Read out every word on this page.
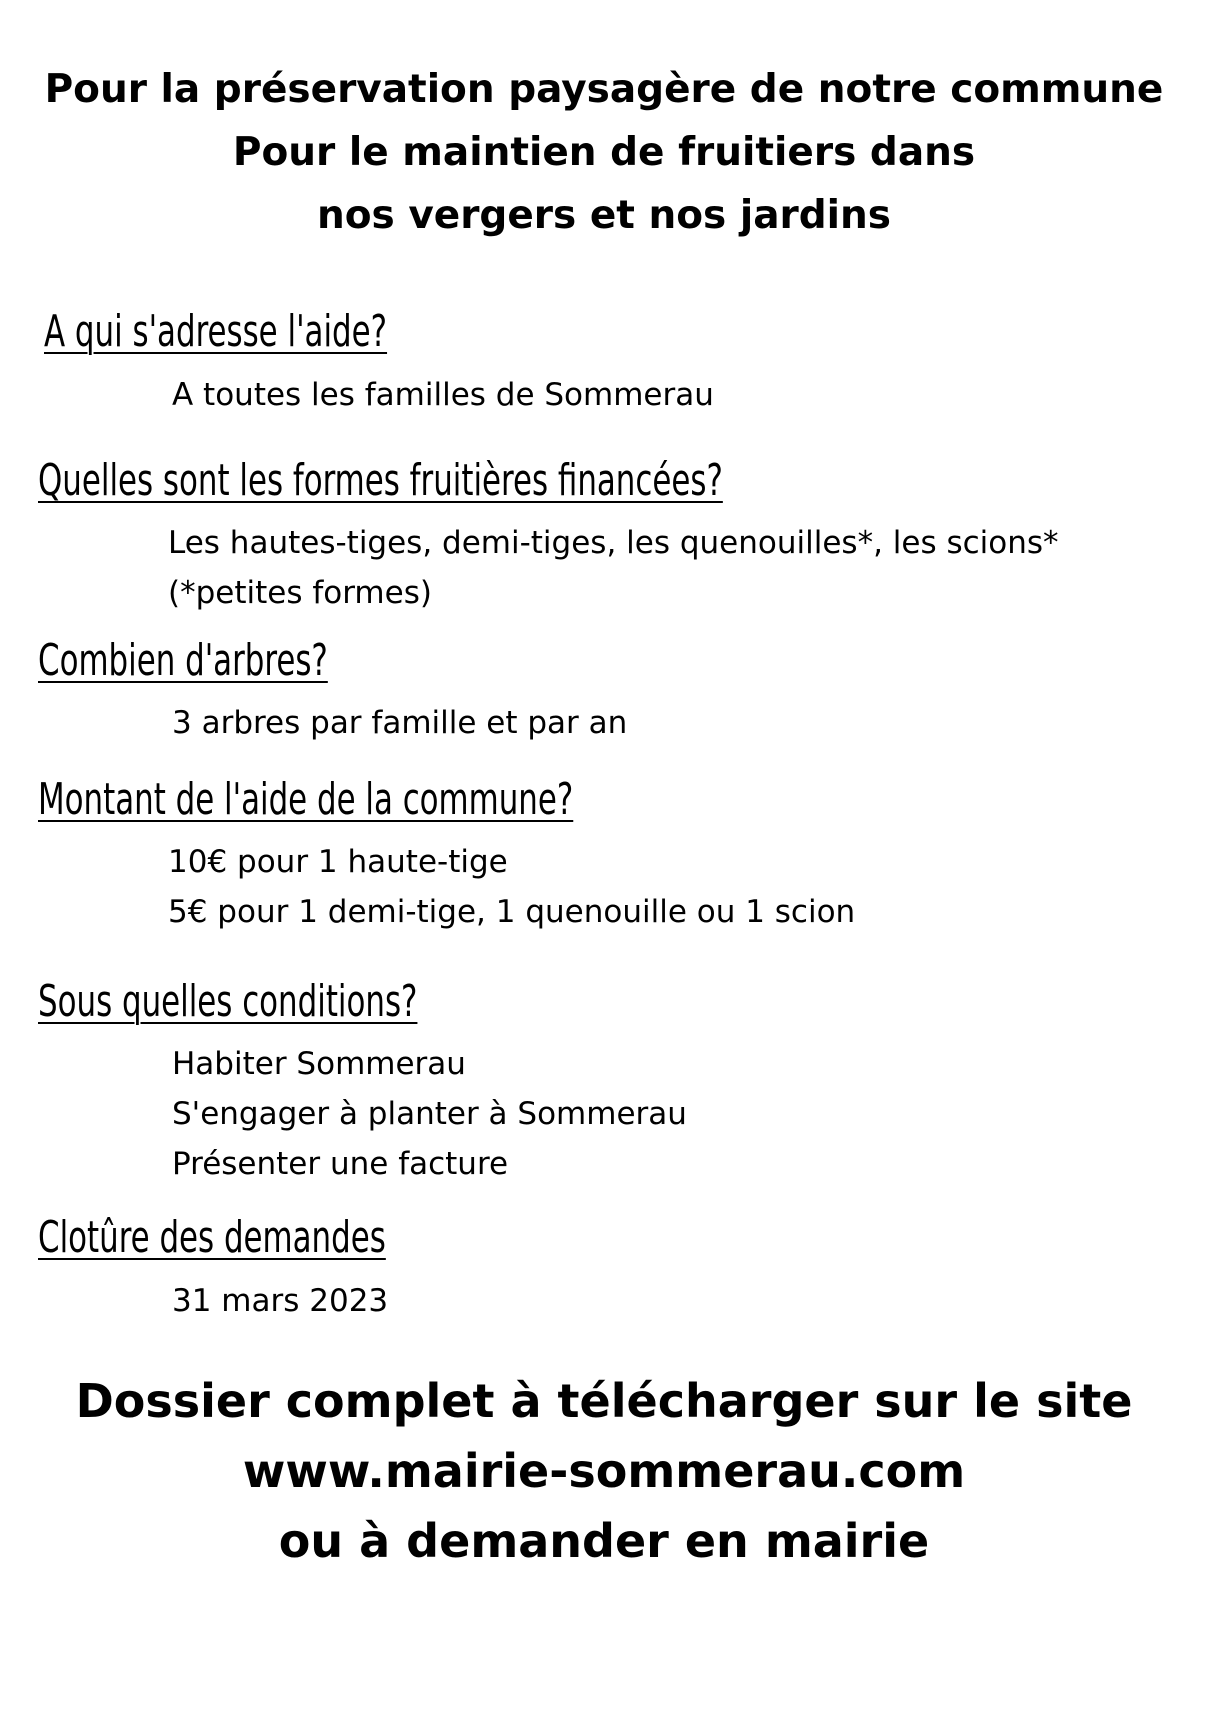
Pour la préservation paysagère de notre commune
Pour le maintien de fruitiers dans
nos vergers et nos jardins
A qui s'adresse l'aide?
A toutes les familles de Sommerau
Quelles sont les formes fruitières financées?
Les hautes-tiges, demi-tiges, les quenouilles*, les scions*
(*petites formes)
Combien d'arbres?
3 arbres par famille et par an
Montant de l'aide de la commune?
10€ pour 1 haute-tige
5€ pour 1 demi-tige, 1 quenouille ou 1 scion
Sous quelles conditions?
Habiter Sommerau
S'engager à planter à Sommerau
Présenter une facture
Clotûre des demandes
31 mars 2023
Dossier complet à télécharger sur le site
www.mairie-sommerau.com
ou à demander en mairie
